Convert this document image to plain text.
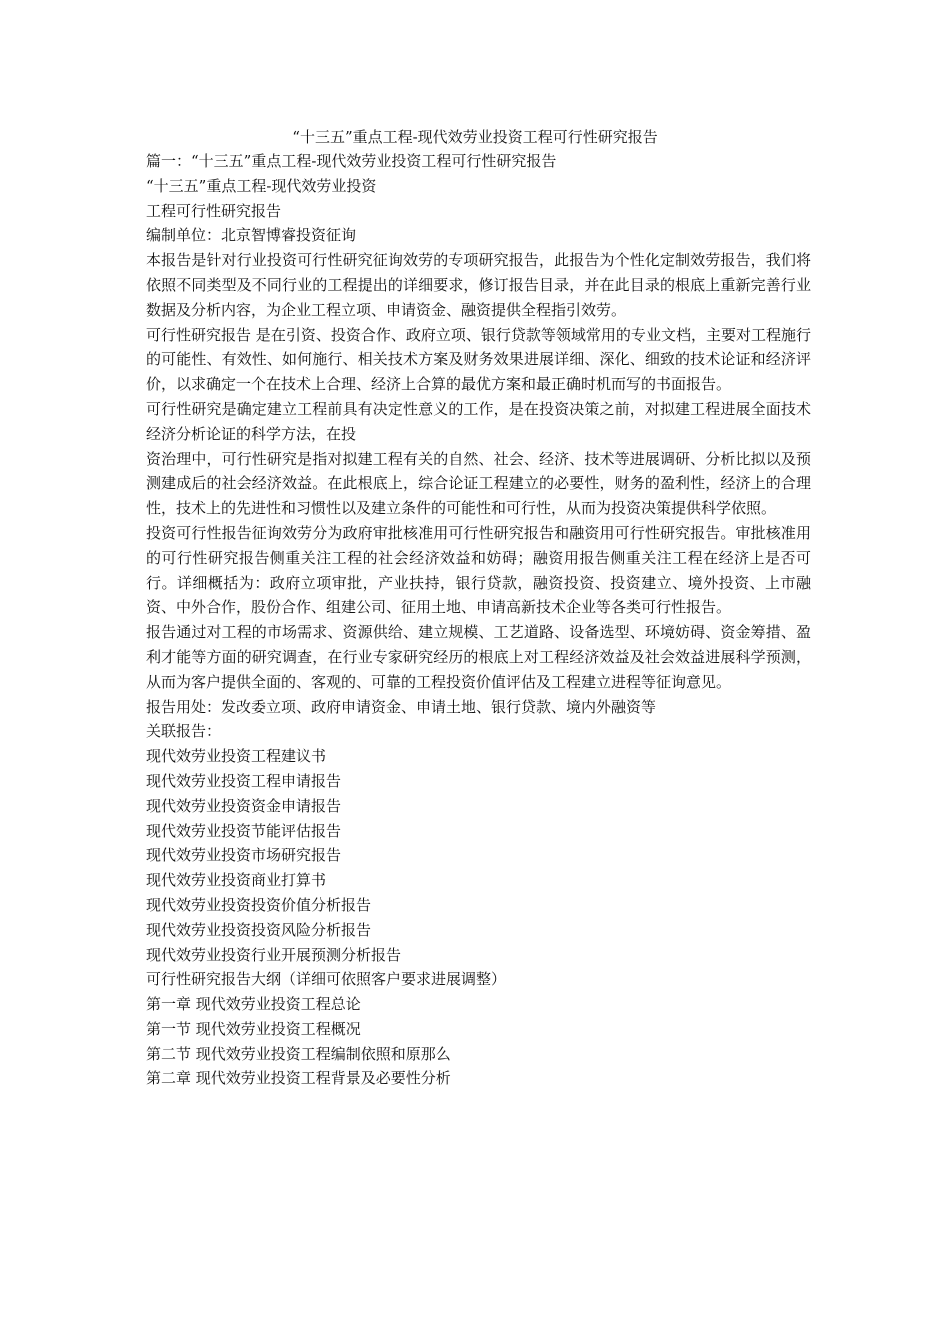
“十三五”重点工程-现代效劳业投资工程可行性研究报告

篇一：“十三五”重点工程-现代效劳业投资工程可行性研究报告

“十三五”重点工程-现代效劳业投资

工程可行性研究报告

编制单位：北京智博睿投资征询

本报告是针对行业投资可行性研究征询效劳的专项研究报告，此报告为个性化定制效劳报告，我们将依照不同类型及不同行业的工程提出的详细要求，修订报告目录，并在此目录的根底上重新完善行业数据及分析内容，为企业工程立项、申请资金、融资提供全程指引效劳。

可行性研究报告 是在引资、投资合作、政府立项、银行贷款等领域常用的专业文档，主要对工程施行的可能性、有效性、如何施行、相关技术方案及财务效果进展详细、深化、细致的技术论证和经济评价，以求确定一个在技术上合理、经济上合算的最优方案和最正确时机而写的书面报告。

可行性研究是确定建立工程前具有决定性意义的工作，是在投资决策之前，对拟建工程进展全面技术经济分析论证的科学方法，在投

资治理中，可行性研究是指对拟建工程有关的自然、社会、经济、技术等进展调研、分析比拟以及预测建成后的社会经济效益。在此根底上，综合论证工程建立的必要性，财务的盈利性，经济上的合理性，技术上的先进性和习惯性以及建立条件的可能性和可行性，从而为投资决策提供科学依照。

投资可行性报告征询效劳分为政府审批核准用可行性研究报告和融资用可行性研究报告。审批核准用的可行性研究报告侧重关注工程的社会经济效益和妨碍；融资用报告侧重关注工程在经济上是否可行。详细概括为：政府立项审批，产业扶持，银行贷款，融资投资、投资建立、境外投资、上市融资、中外合作，股份合作、组建公司、征用土地、申请高新技术企业等各类可行性报告。

报告通过对工程的市场需求、资源供给、建立规模、工艺道路、设备选型、环境妨碍、资金筹措、盈利才能等方面的研究调查，在行业专家研究经历的根底上对工程经济效益及社会效益进展科学预测，从而为客户提供全面的、客观的、可靠的工程投资价值评估及工程建立进程等征询意见。

报告用处：发改委立项、政府申请资金、申请土地、银行贷款、境内外融资等

关联报告：

现代效劳业投资工程建议书

现代效劳业投资工程申请报告

现代效劳业投资资金申请报告

现代效劳业投资节能评估报告

现代效劳业投资市场研究报告

现代效劳业投资商业打算书

现代效劳业投资投资价值分析报告

现代效劳业投资投资风险分析报告

现代效劳业投资行业开展预测分析报告

可行性研究报告大纲（详细可依照客户要求进展调整）

第一章 现代效劳业投资工程总论

第一节 现代效劳业投资工程概况

第二节 现代效劳业投资工程编制依照和原那么

第二章 现代效劳业投资工程背景及必要性分析
